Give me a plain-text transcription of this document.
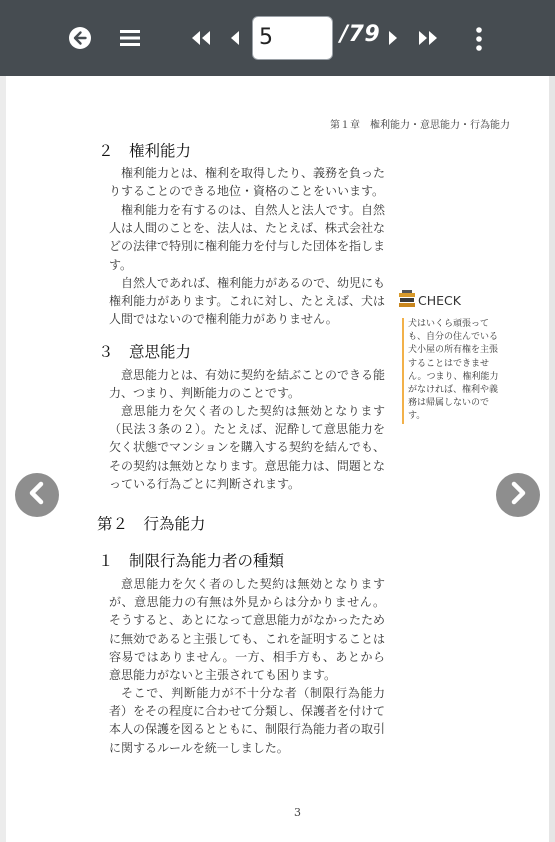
5	/79
第１章　権利能力・意思能力・行為能力
２　権利能力

権利能力とは、権利を取得したり、義務を負ったりすることのできる地位・資格のことをいいます。

権利能力を有するのは、自然人と法人です。自然人は人間のことを、法人は、たとえば、株式会社などの法律で特別に権利能力を付与した団体を指します。

自然人であれば、権利能力があるので、幼児にも権利能力があります。これに対し、たとえば、犬は人間ではないので権利能力がありません。

３　意思能力

意思能力とは、有効に契約を結ぶことのできる能力、つまり、判断能力のことです。

意思能力を欠く者のした契約は無効となります（民法３条の２）。たとえば、泥酔して意思能力を欠く状態でマンションを購入する契約を結んでも、その契約は無効となります。意思能力は、問題となっている行為ごとに判断されます。

第２　行為能力
１　制限行為能力者の種類

意思能力を欠く者のした契約は無効となりますが、意思能力の有無は外見からは分かりません。そうすると、あとになって意思能力がなかったために無効であると主張しても、これを証明することは容易ではありません。一方、相手方も、あとから意思能力がないと主張されても困ります。

そこで、判断能力が不十分な者（制限行為能力者）をその程度に合わせて分類し、保護者を付けて本人の保護を図るとともに、制限行為能力者の取引に関するルールを統一しました。

CHECK
犬はいくら頑張っても、自分の住んでいる犬小屋の所有権を主張することはできません。つまり、権利能力がなければ、権利や義務は帰属しないのです。
3
